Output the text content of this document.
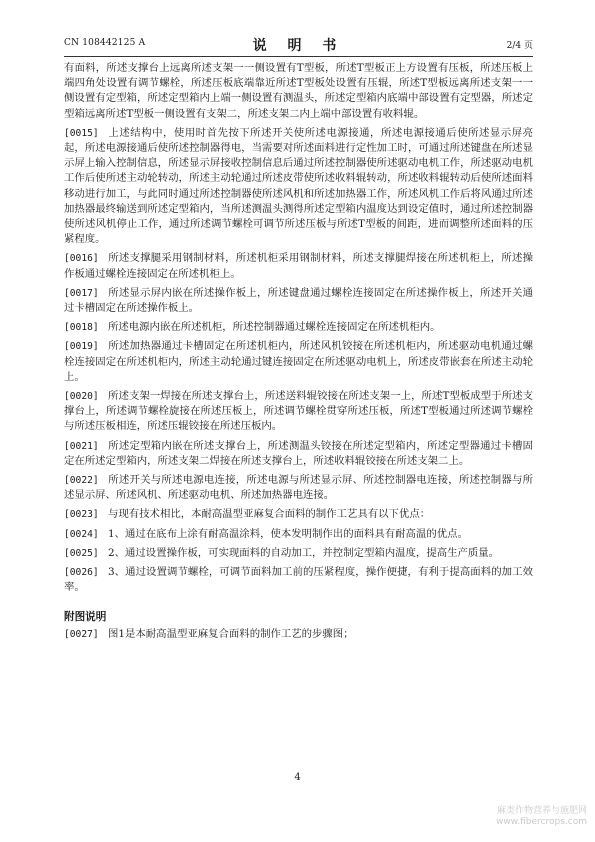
CN 108442125 A	说 明 书	2/4 页

有面料，所述支撑台上远离所述支架一一侧设置有T型板，所述T型板正上方设置有压板，所述压板上端四角处设置有调节螺栓，所述压板底端靠近所述T型板处设置有压辊，所述T型板远离所述支架一一侧设置有定型箱，所述定型箱内上端一侧设置有测温头，所述定型箱内底端中部设置有定型器，所述定型箱远离所述T型板一侧设置有支架二，所述支架二内上端中部设置有收料辊。

[0015] 上述结构中，使用时首先按下所述开关使所述电源接通，所述电源接通后使所述显示屏亮起，所述电源接通后使所述控制器得电，当需要对所述面料进行定性加工时，可通过所述键盘在所述显示屏上输入控制信息，所述显示屏接收控制信息后通过所述控制器使所述驱动电机工作，所述驱动电机工作后使所述主动轮转动，所述主动轮通过所述皮带使所述收料辊转动，所述收料辊转动后使所述面料移动进行加工，与此同时通过所述控制器使所述风机和所述加热器工作，所述风机工作后将风通过所述加热器最终输送到所述定型箱内，当所述测温头测得所述定型箱内温度达到设定值时，通过所述控制器使所述风机停止工作，通过所述调节螺栓可调节所述压板与所述T型板的间距，进而调整所述面料的压紧程度。

[0016] 所述支撑腿采用钢制材料，所述机柜采用钢制材料，所述支撑腿焊接在所述机柜上，所述操作板通过螺栓连接固定在所述机柜上。

[0017] 所述显示屏内嵌在所述操作板上，所述键盘通过螺栓连接固定在所述操作板上，所述开关通过卡槽固定在所述操作板上。

[0018] 所述电源内嵌在所述机柜，所述控制器通过螺栓连接固定在所述机柜内。

[0019] 所述加热器通过卡槽固定在所述机柜内，所述风机铰接在所述机柜内，所述驱动电机通过螺栓连接固定在所述机柜内，所述主动轮通过键连接固定在所述驱动电机上，所述皮带嵌套在所述主动轮上。

[0020] 所述支架一焊接在所述支撑台上，所述送料辊铰接在所述支架一上，所述T型板成型于所述支撑台上，所述调节螺栓旋接在所述压板上，所述调节螺栓贯穿所述压板，所述T型板通过所述调节螺栓与所述压板相连，所述压辊铰接在所述压板内。

[0021] 所述定型箱内嵌在所述支撑台上，所述测温头铰接在所述定型箱内，所述定型器通过卡槽固定在所述定型箱内，所述支架二焊接在所述支撑台上，所述收料辊铰接在所述支架二上。

[0022] 所述开关与所述电源电连接，所述电源与所述显示屏、所述控制器电连接，所述控制器与所述显示屏、所述风机、所述驱动电机、所述加热器电连接。

[0023] 与现有技术相比，本耐高温型亚麻复合面料的制作工艺具有以下优点：

[0024] 1、通过在底布上涂有耐高温涂料，使本发明制作出的面料具有耐高温的优点。

[0025] 2、通过设置操作板，可实现面料的自动加工，并控制定型箱内温度，提高生产质量。

[0026] 3、通过设置调节螺栓，可调节面料加工前的压紧程度，操作便捷，有利于提高面料的加工效率。

附图说明

[0027] 图1是本耐高温型亚麻复合面料的制作工艺的步骤图；

4
麻类作物营养与施肥网
www.fibercrops.com
